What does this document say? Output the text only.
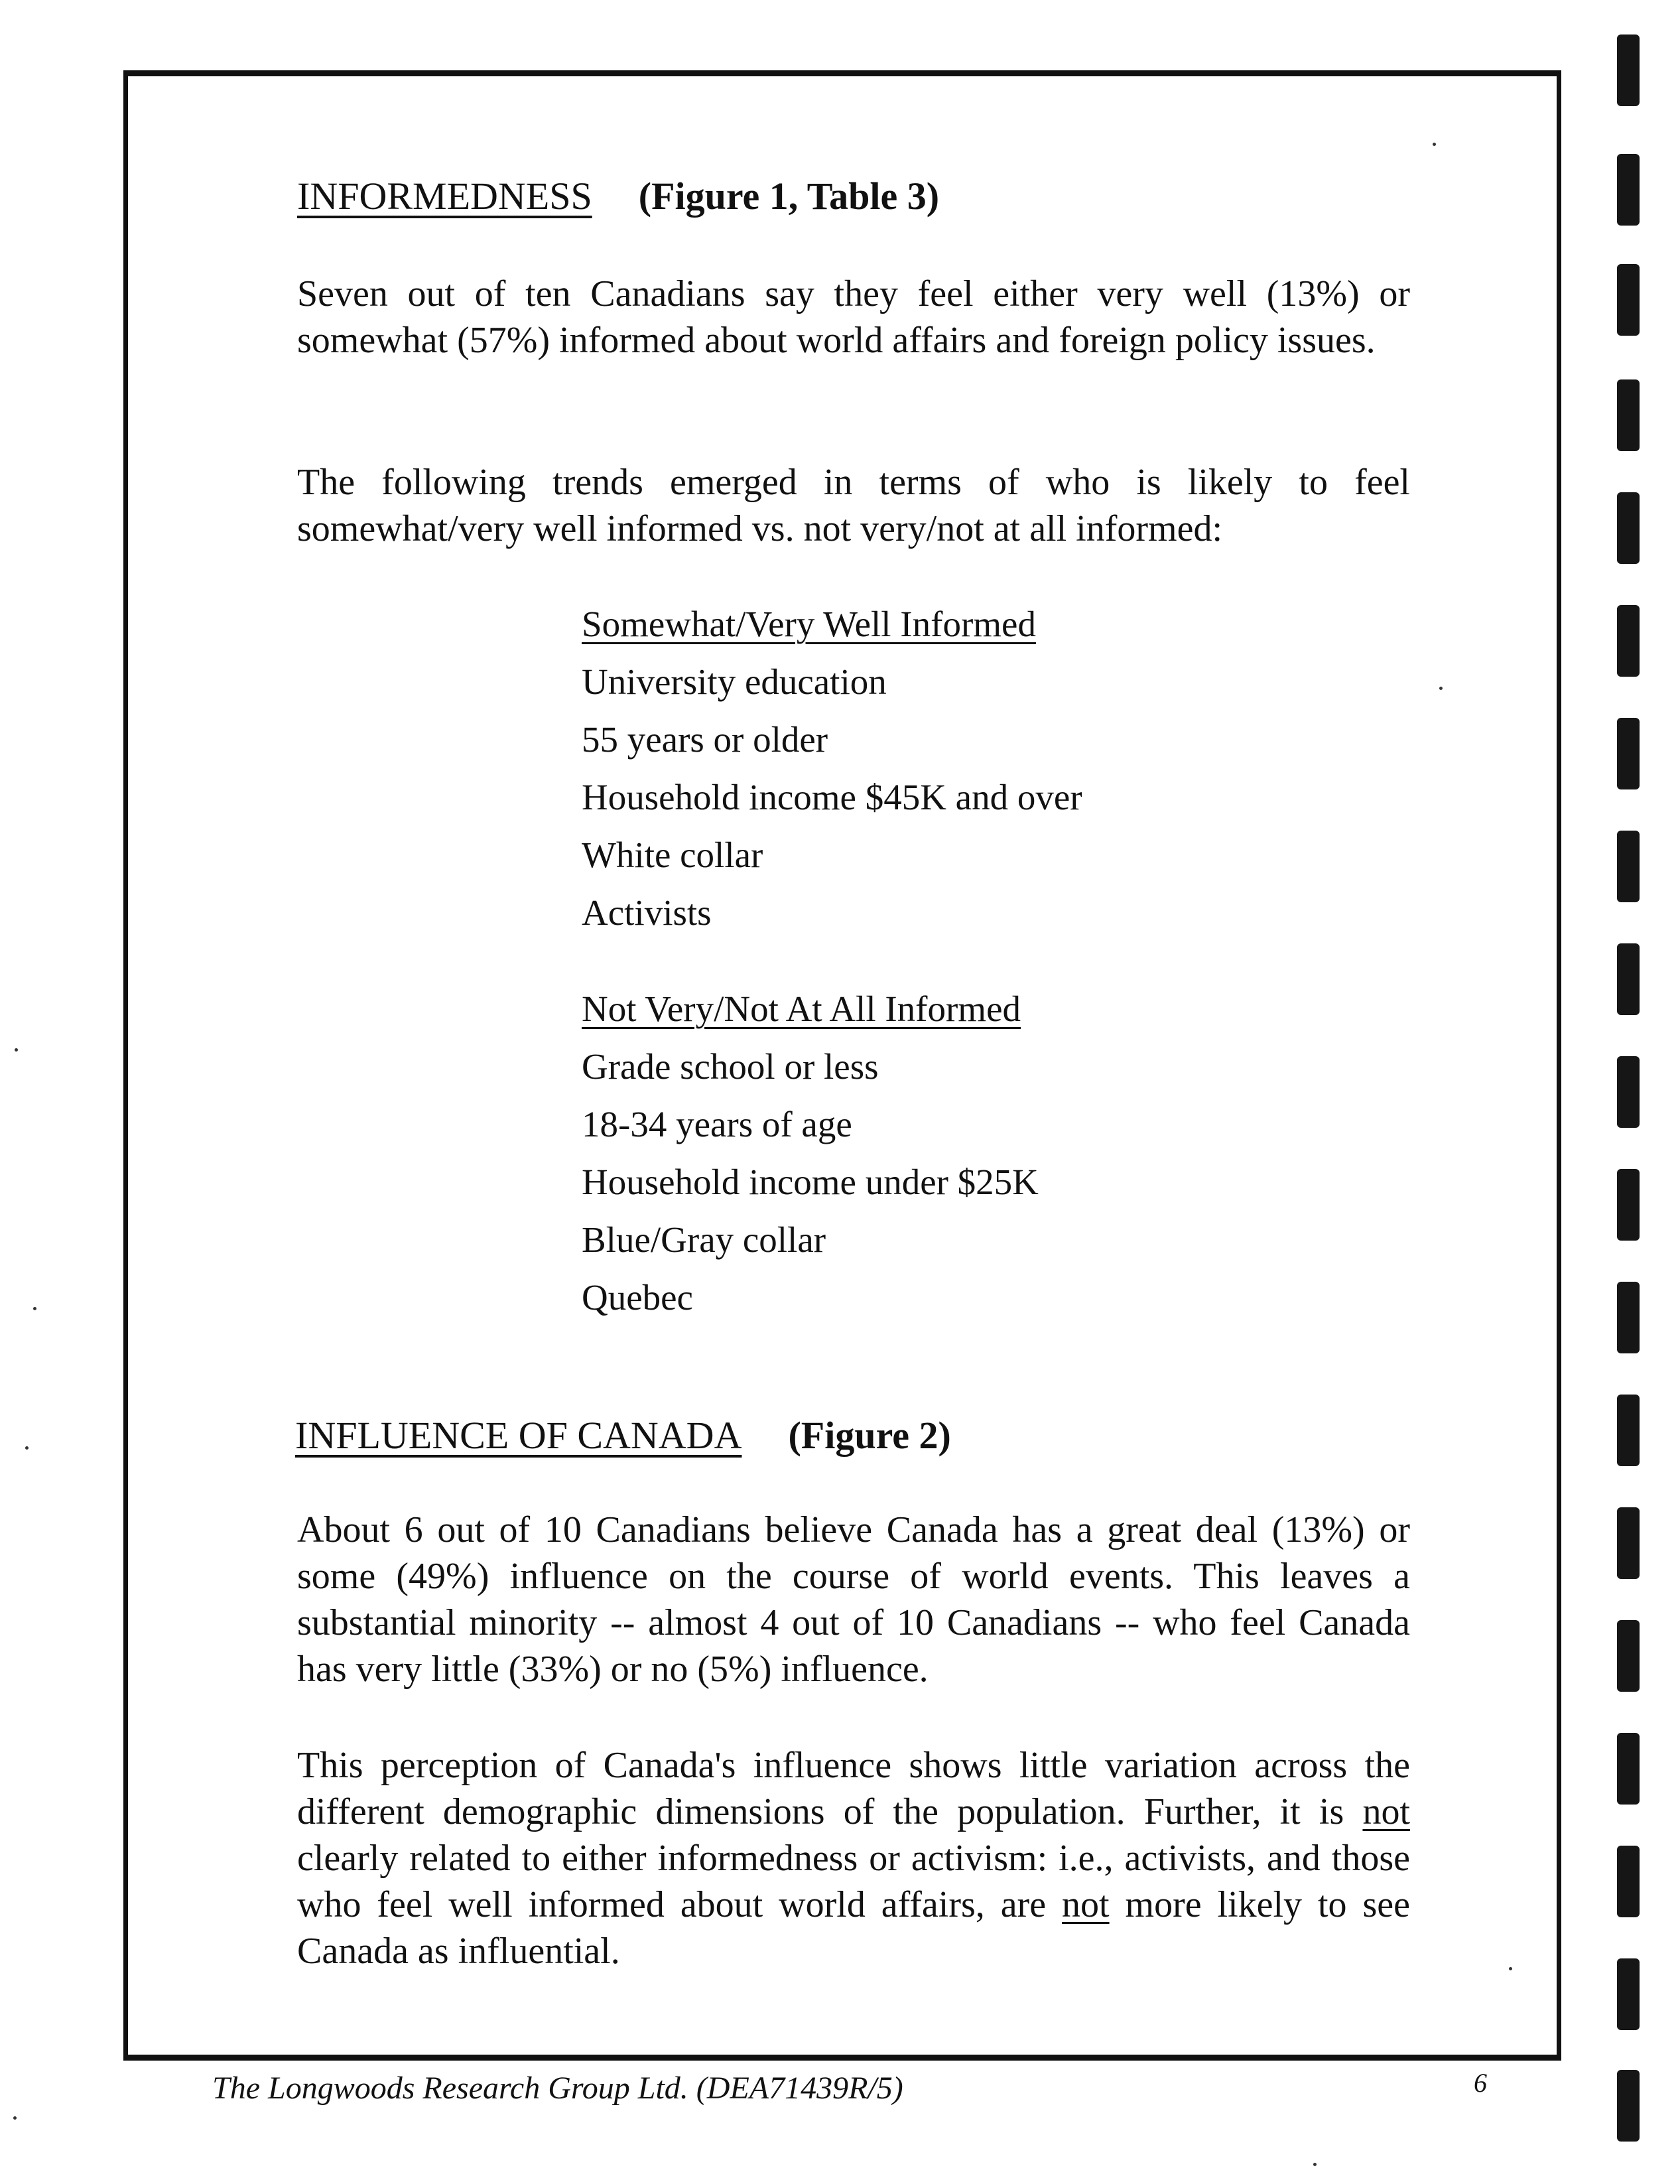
INFORMEDNESS (Figure 1, Table 3)

Seven out of ten Canadians say they feel either very well (13%) or somewhat (57%) informed about world affairs and foreign policy issues.

The following trends emerged in terms of who is likely to feel somewhat/very well informed vs. not very/not at all informed:

Somewhat/Very Well Informed
University education
55 years or older
Household income $45K and over
White collar
Activists
Not Very/Not At All Informed
Grade school or less
18-34 years of age
Household income under $25K
Blue/Gray collar
Quebec
INFLUENCE OF CANADA (Figure 2)

About 6 out of 10 Canadians believe Canada has a great deal (13%) or some (49%) influence on the course of world events. This leaves a substantial minority -- almost 4 out of 10 Canadians -- who feel Canada has very little (33%) or no (5%) influence.

This perception of Canada's influence shows little variation across the different demographic dimensions of the population. Further, it is not clearly related to either informedness or activism: i.e., activists, and those who feel well informed about world affairs, are not more likely to see Canada as influential.

The Longwoods Research Group Ltd. (DEA71439R/5)	6
